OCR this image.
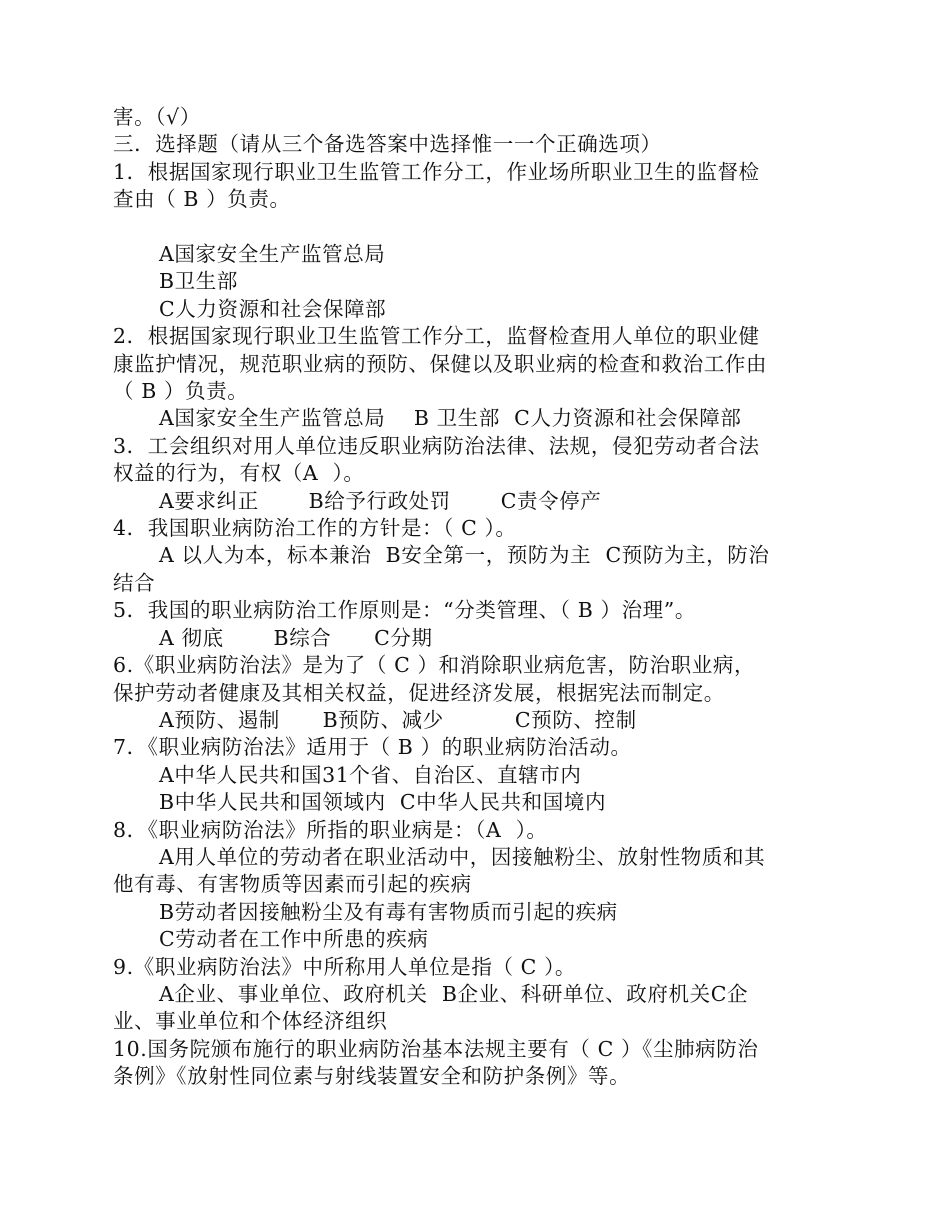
害。（√）
三．选择题（请从三个备选答案中选择惟一一个正确选项）
1．根据国家现行职业卫生监管工作分工，作业场所职业卫生的监督检
查由（ B ）负责。
A国家安全生产监管总局
B卫生部
C人力资源和社会保障部
2．根据国家现行职业卫生监管工作分工，监督检查用人单位的职业健
康监护情况，规范职业病的预防、保健以及职业病的检查和救治工作由
（ B ）负责。
A国家安全生产监管总局    B 卫生部  C人力资源和社会保障部
3．工会组织对用人单位违反职业病防治法律、法规，侵犯劳动者合法
权益的行为，有权（A  ）。
A要求纠正       B给予行政处罚       C责令停产
4．我国职业病防治工作的方针是：（ C ）。
A 以人为本，标本兼治  B安全第一，预防为主  C预防为主，防治
结合
5．我国的职业病防治工作原则是：“分类管理、（ B ）治理”。
A 彻底       B综合      C分期
6.《职业病防治法》是为了（ C ）和消除职业病危害，防治职业病，
保护劳动者健康及其相关权益，促进经济发展，根据宪法而制定。
A预防、遏制      B预防、减少          C预防、控制
7．《职业病防治法》适用于（ B ）的职业病防治活动。
A中华人民共和国31个省、自治区、直辖市内
B中华人民共和国领域内  C中华人民共和国境内
8．《职业病防治法》所指的职业病是：（A  ）。
A用人单位的劳动者在职业活动中，因接触粉尘、放射性物质和其
他有毒、有害物质等因素而引起的疾病
B劳动者因接触粉尘及有毒有害物质而引起的疾病
C劳动者在工作中所患的疾病
9.《职业病防治法》中所称用人单位是指（ C ）。
A企业、事业单位、政府机关  B企业、科研单位、政府机关C企
业、事业单位和个体经济组织
10.国务院颁布施行的职业病防治基本法规主要有（ C ）《尘肺病防治
条例》《放射性同位素与射线装置安全和防护条例》等。
